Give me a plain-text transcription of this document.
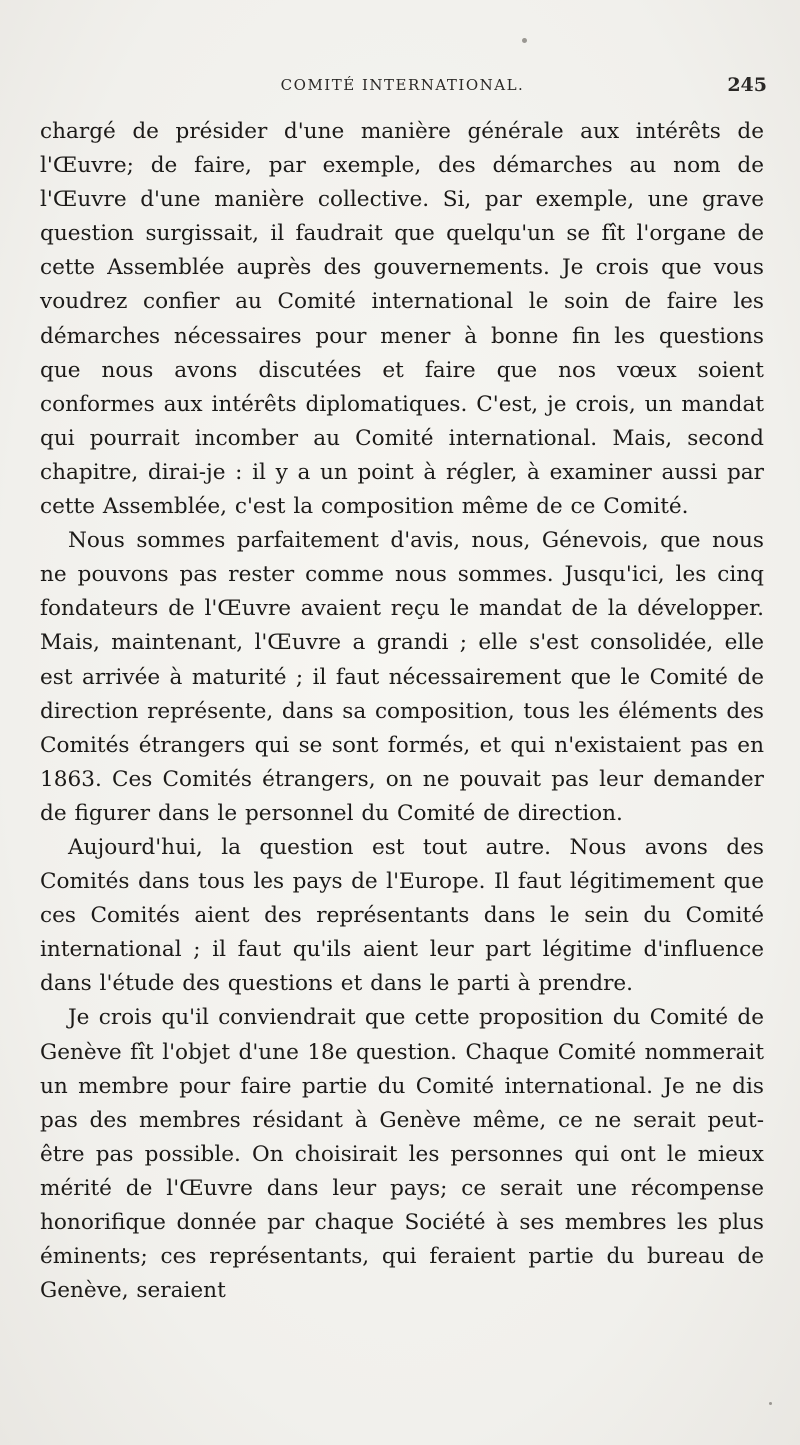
COMITÉ INTERNATIONAL.	245

chargé de présider d'une manière générale aux intérêts de l'Œuvre; de faire, par exemple, des démarches au nom de l'Œuvre d'une manière collective. Si, par exemple, une grave question surgissait, il faudrait que quelqu'un se fît l'organe de cette Assemblée auprès des gouvernements. Je crois que vous voudrez confier au Comité international le soin de faire les démarches nécessaires pour mener à bonne fin les questions que nous avons discutées et faire que nos vœux soient conformes aux intérêts diplomatiques. C'est, je crois, un mandat qui pourrait incomber au Comité international. Mais, second chapitre, dirai-je : il y a un point à régler, à examiner aussi par cette Assemblée, c'est la composition même de ce Comité.

Nous sommes parfaitement d'avis, nous, Génevois, que nous ne pouvons pas rester comme nous sommes. Jusqu'ici, les cinq fondateurs de l'Œuvre avaient reçu le mandat de la développer. Mais, maintenant, l'Œuvre a grandi ; elle s'est consolidée, elle est arrivée à maturité ; il faut nécessairement que le Comité de direction représente, dans sa composition, tous les éléments des Comités étrangers qui se sont formés, et qui n'existaient pas en 1863. Ces Comités étrangers, on ne pouvait pas leur demander de figurer dans le personnel du Comité de direction.

Aujourd'hui, la question est tout autre. Nous avons des Comités dans tous les pays de l'Europe. Il faut légitimement que ces Comités aient des représentants dans le sein du Comité international ; il faut qu'ils aient leur part légitime d'influence dans l'étude des questions et dans le parti à prendre.

Je crois qu'il conviendrait que cette proposition du Comité de Genève fît l'objet d'une 18e question. Chaque Comité nommerait un membre pour faire partie du Comité international. Je ne dis pas des membres résidant à Genève même, ce ne serait peut-être pas possible. On choisirait les personnes qui ont le mieux mérité de l'Œuvre dans leur pays; ce serait une récompense honorifique donnée par chaque Société à ses membres les plus éminents; ces représentants, qui feraient partie du bureau de Genève, seraient
